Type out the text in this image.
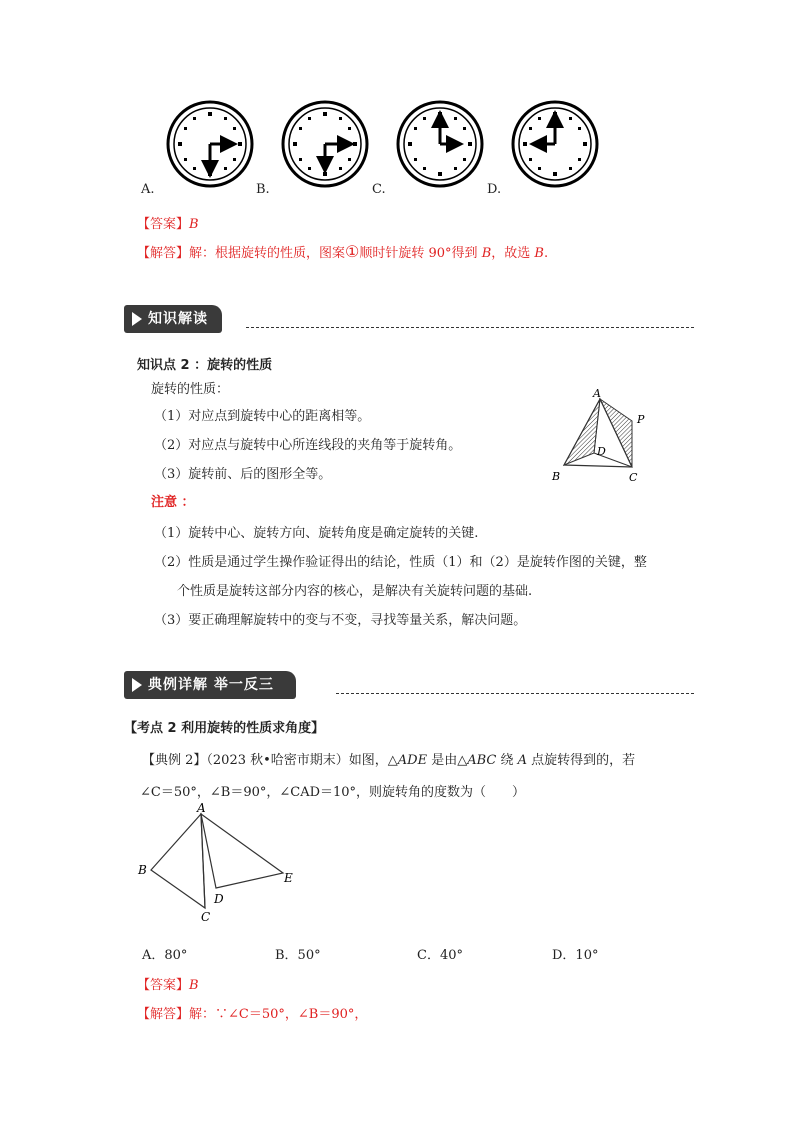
A.	B.	C.	D.
【答案】B
【解答】解：根据旋转的性质，图案①顺时针旋转 90°得到 B，故选 B.
知识解读
知识点 2 ：旋转的性质
旋转的性质：
（1）对应点到旋转中心的距离相等。
（2）对应点与旋转中心所连线段的夹角等于旋转角。
（3）旋转前、后的图形全等。
A
P
D
B	C
注意 ：
（1）旋转中心、旋转方向、旋转角度是确定旋转的关键.
（2）性质是通过学生操作验证得出的结论，性质（1）和（2）是旋转作图的关键，整
个性质是旋转这部分内容的核心，是解决有关旋转问题的基础.
（3）要正确理解旋转中的变与不变，寻找等量关系，解决问题。
典例详解 举一反三
【考点 2 利用旋转的性质求角度】
【典例 2】（2023 秋•哈密市期末）如图，△ADE 是由△ABC 绕 A 点旋转得到的，若
∠C＝50°，∠B＝90°，∠CAD＝10°，则旋转角的度数为（　　）
A
B
C
D
E
A．80°	B．50°	C．40°	D．10°
【答案】B
【解答】解：∵∠C＝50°，∠B＝90°，
